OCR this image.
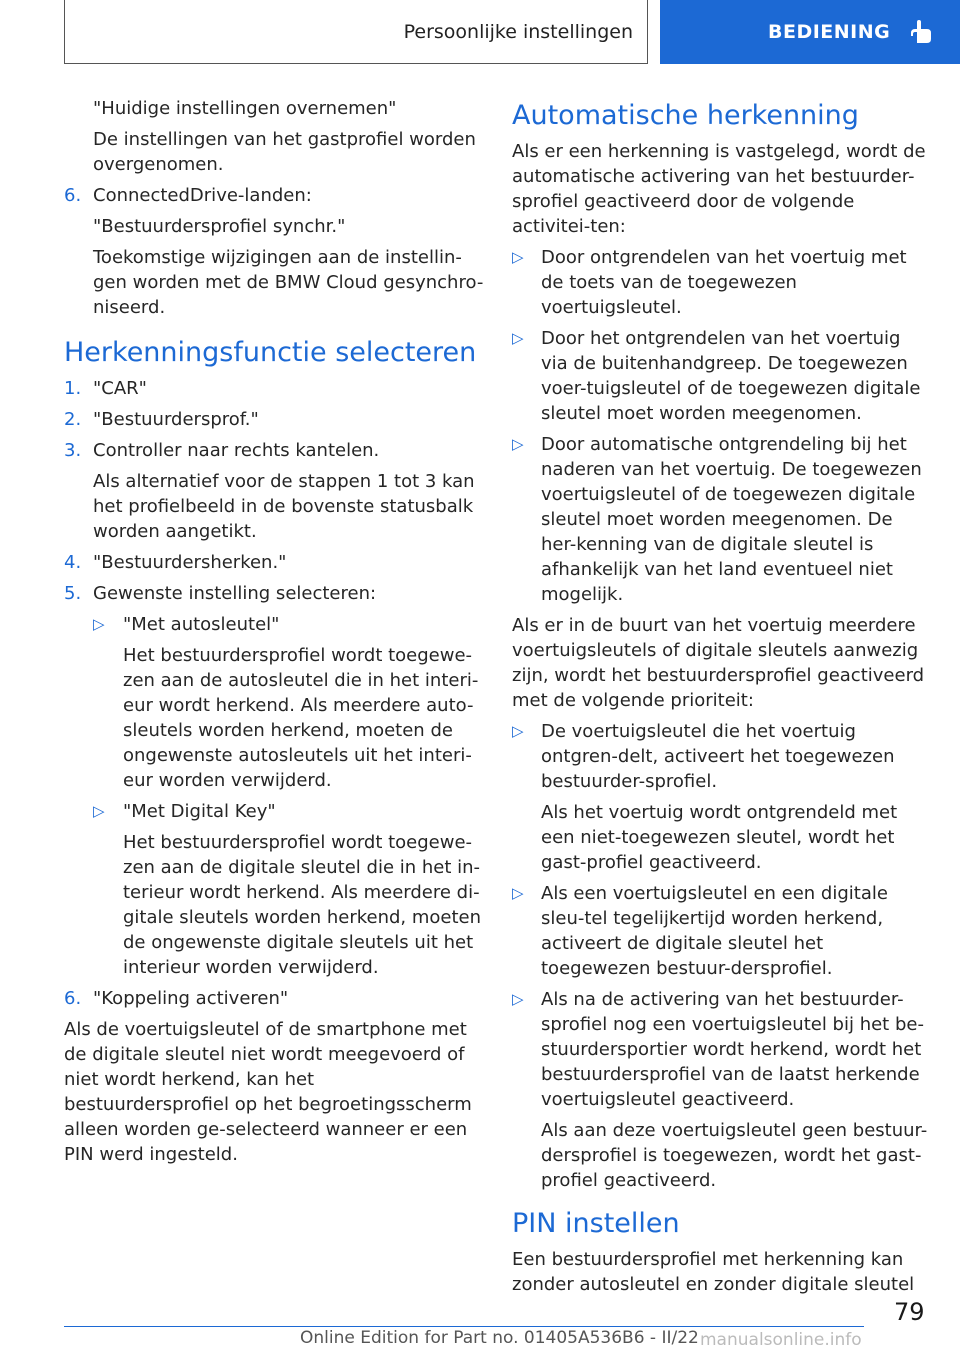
Persoonlijke instellingen	BEDIENING

"Huidige instellingen overnemen"

De instellingen van het gastprofiel worden overgenomen.

6. ConnectedDrive-landen:

"Bestuurdersprofiel synchr."

Toekomstige wijzigingen aan de instellin-gen worden met de BMW Cloud gesynchro-niseerd.

Herkenningsfunctie selecteren
1. "CAR"
2. "Bestuurdersprof."
3. Controller naar rechts kantelen.

Als alternatief voor de stappen 1 tot 3 kan het profielbeeld in de bovenste statusbalk worden aangetikt.

4. "Bestuurdersherken."
5. Gewenste instelling selecteren:
▷	"Met autosleutel"

Het bestuurdersprofiel wordt toegewe-zen aan de autosleutel die in het interi-eur wordt herkend. Als meerdere auto-sleutels worden herkend, moeten de ongewenste autosleutels uit het interi-eur worden verwijderd.

▷	"Met Digital Key"

Het bestuurdersprofiel wordt toegewe-zen aan de digitale sleutel die in het in-terieur wordt herkend. Als meerdere di-gitale sleutels worden herkend, moeten de ongewenste digitale sleutels uit het interieur worden verwijderd.

6. "Koppeling activeren"

Als de voertuigsleutel of de smartphone met de digitale sleutel niet wordt meegevoerd of niet wordt herkend, kan het bestuurdersprofiel op het begroetingsscherm alleen worden ge-selecteerd wanneer er een PIN werd ingesteld.

Automatische herkenning

Als er een herkenning is vastgelegd, wordt de automatische activering van het bestuurder-sprofiel geactiveerd door de volgende activitei-ten:

▷ Door ontgrendelen van het voertuig met de toets van de toegewezen voertuigsleutel.
▷ Door het ontgrendelen van het voertuig via de buitenhandgreep. De toegewezen voer-tuigsleutel of de toegewezen digitale sleutel moet worden meegenomen.
▷ Door automatische ontgrendeling bij het naderen van het voertuig. De toegewezen voertuigsleutel of de toegewezen digitale sleutel moet worden meegenomen. De her-kenning van de digitale sleutel is afhankelijk van het land eventueel niet mogelijk.

Als er in de buurt van het voertuig meerdere voertuigsleutels of digitale sleutels aanwezig zijn, wordt het bestuurdersprofiel geactiveerd met de volgende prioriteit:

▷ De voertuigsleutel die het voertuig ontgren-delt, activeert het toegewezen bestuurder-sprofiel.

Als het voertuig wordt ontgrendeld met een niet-toegewezen sleutel, wordt het gast-profiel geactiveerd.

▷ Als een voertuigsleutel en een digitale sleu-tel tegelijkertijd worden herkend, activeert de digitale sleutel het toegewezen bestuur-dersprofiel.
▷ Als na de activering van het bestuurder-sprofiel nog een voertuigsleutel bij het be-stuurdersportier wordt herkend, wordt het bestuurdersprofiel van de laatst herkende voertuigsleutel geactiveerd.

Als aan deze voertuigsleutel geen bestuur-dersprofiel is toegewezen, wordt het gast-profiel geactiveerd.

PIN instellen

Een bestuurdersprofiel met herkenning kan zonder autosleutel en zonder digitale sleutel

79
Online Edition for Part no. 01405A536B6 - II/22 manualsonline.info
